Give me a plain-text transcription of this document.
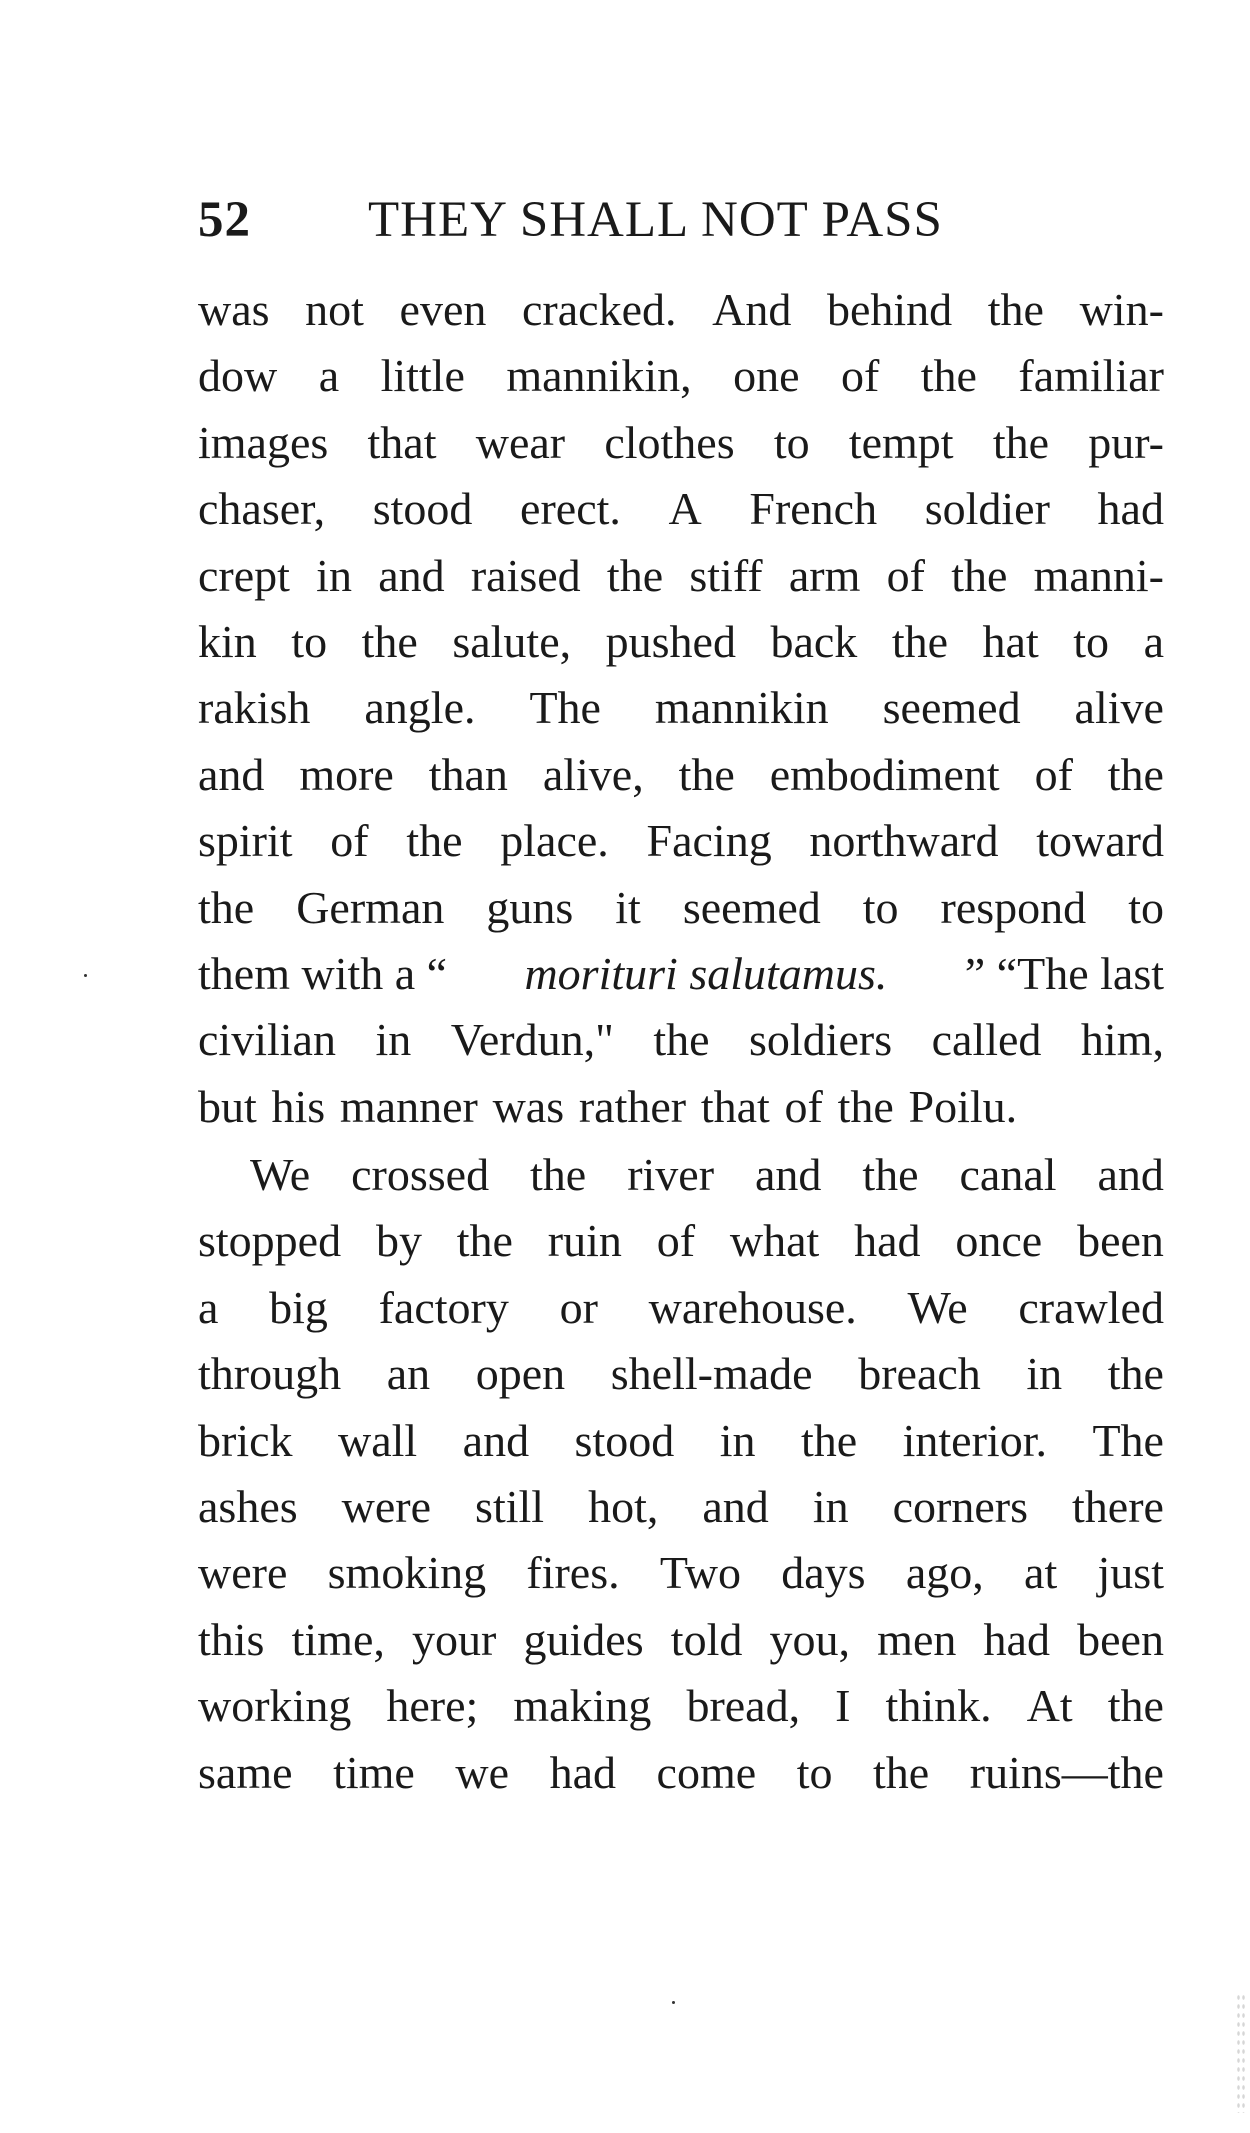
52 THEY SHALL NOT PASS
was not even cracked. And behind the win-
dow a little mannikin, one of the familiar
images that wear clothes to tempt the pur-
chaser, stood erect. A French soldier had
crept in and raised the stiff arm of the manni-
kin to the salute, pushed back the hat to a
rakish angle. The mannikin seemed alive
and more than alive, the embodiment of the
spirit of the place. Facing northward toward
the German guns it seemed to respond to
them with a “ morituri salutamus. ” “The last
civilian in Verdun," the soldiers called him,
but his manner was rather that of the Poilu.
We crossed the river and the canal and
stopped by the ruin of what had once been
a big factory or warehouse. We crawled
through an open shell-made breach in the
brick wall and stood in the interior. The
ashes were still hot, and in corners there
were smoking fires. Two days ago, at just
this time, your guides told you, men had been
working here; making bread, I think. At the
same time we had come to the ruins—the
